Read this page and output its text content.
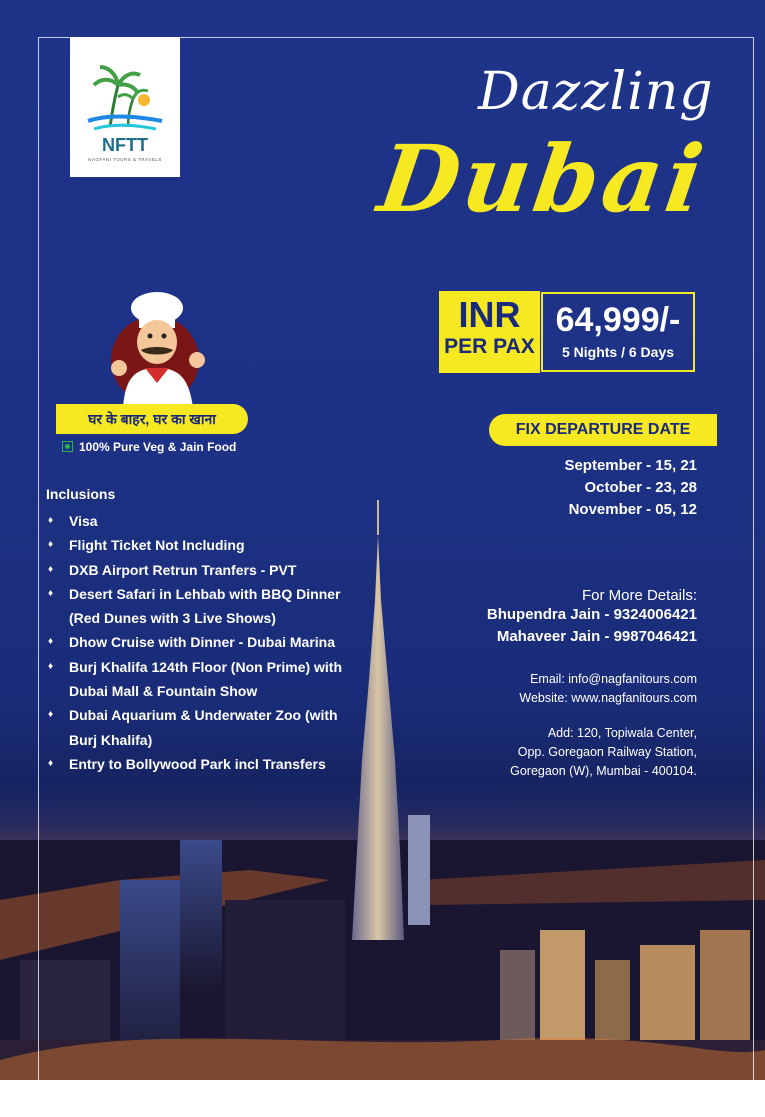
NFTT
NAGFANI TOURS & TRAVELS
Dazzling
Dubai
INR
PER PAX
64,999/-
5 Nights / 6 Days
घर के बाहर, घर का खाना
100% Pure Veg & Jain Food
FIX DEPARTURE DATE
September - 15, 21
October - 23, 28
November - 05, 12
Inclusions
♦ Visa
♦ Flight Ticket Not Including
♦ DXB Airport Retrun Tranfers - PVT
♦ Desert Safari in Lehbab with BBQ Dinner (Red Dunes with 3 Live Shows)
♦ Dhow Cruise with Dinner - Dubai Marina
♦ Burj Khalifa 124th Floor (Non Prime) with Dubai Mall & Fountain Show
♦ Dubai Aquarium & Underwater Zoo (with Burj Khalifa)
♦ Entry to Bollywood Park incl Transfers
For More Details:
Bhupendra Jain - 9324006421
Mahaveer Jain - 9987046421
Email: info@nagfanitours.com
Website: www.nagfanitours.com
Add: 120, Topiwala Center,
Opp. Goregaon Railway Station,
Goregaon (W), Mumbai - 400104.
